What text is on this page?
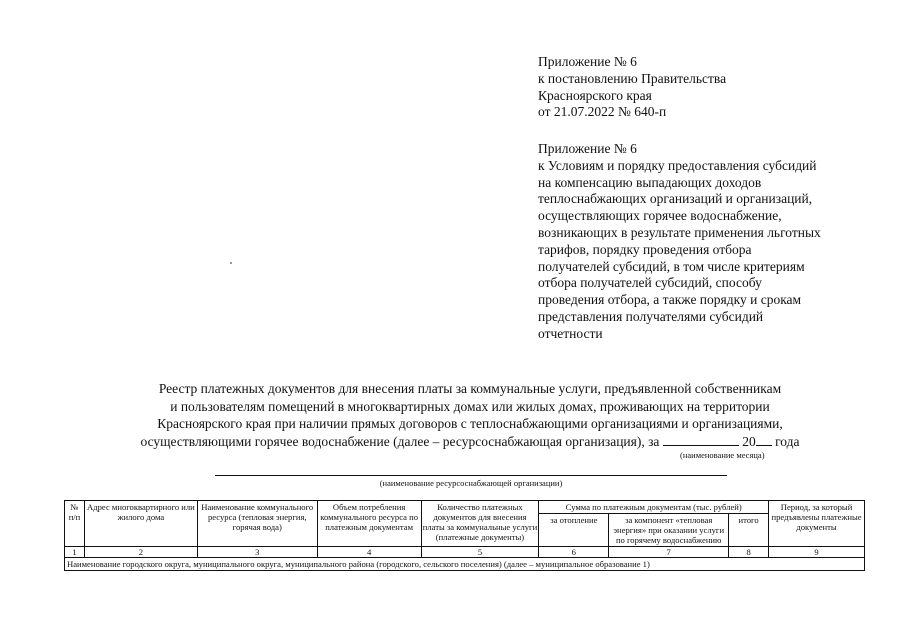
Приложение № 6
к постановлению Правительства
Красноярского края
от 21.07.2022 № 640-п
Приложение № 6
к Условиям и порядку предоставления субсидий
на компенсацию выпадающих доходов
теплоснабжающих организаций и организаций,
осуществляющих горячее водоснабжение,
возникающих в результате применения льготных
тарифов, порядку проведения отбора
получателей субсидий, в том числе критериям
отбора получателей субсидий, способу
проведения отбора, а также порядку и срокам
представления получателями субсидий
отчетности
Реестр платежных документов для внесения платы за коммунальные услуги, предъявленной собственникам
и пользователям помещений в многоквартирных домах или жилых домах, проживающих на территории
Красноярского края при наличии прямых договоров с теплоснабжающими организациями и организациями,
осуществляющими горячее водоснабжение (далее – ресурсоснабжающая организация), за	20 года
(наименование месяца)
(наименование ресурсоснабжающей организации)
№ п/п	Адрес многоквартирного или жилого дома	Наименование коммунального ресурса (тепловая энергия, горячая вода)	Объем потребления коммунального ресурса по платежным документам	Количество платежных документов для внесения платы за коммунальные услуги (платежные документы)	Сумма по платежным документам (тыс. рублей)			Период, за который предъявлены платежные документы
					за отопление	за компонент «тепловая энергия» при оказании услуги по горячему водоснабжению	итого	
1	2	3	4	5	6	7	8	9
Наименование городского округа, муниципального округа, муниципального района (городского, сельского поселения) (далее – муниципальное образование 1)								
